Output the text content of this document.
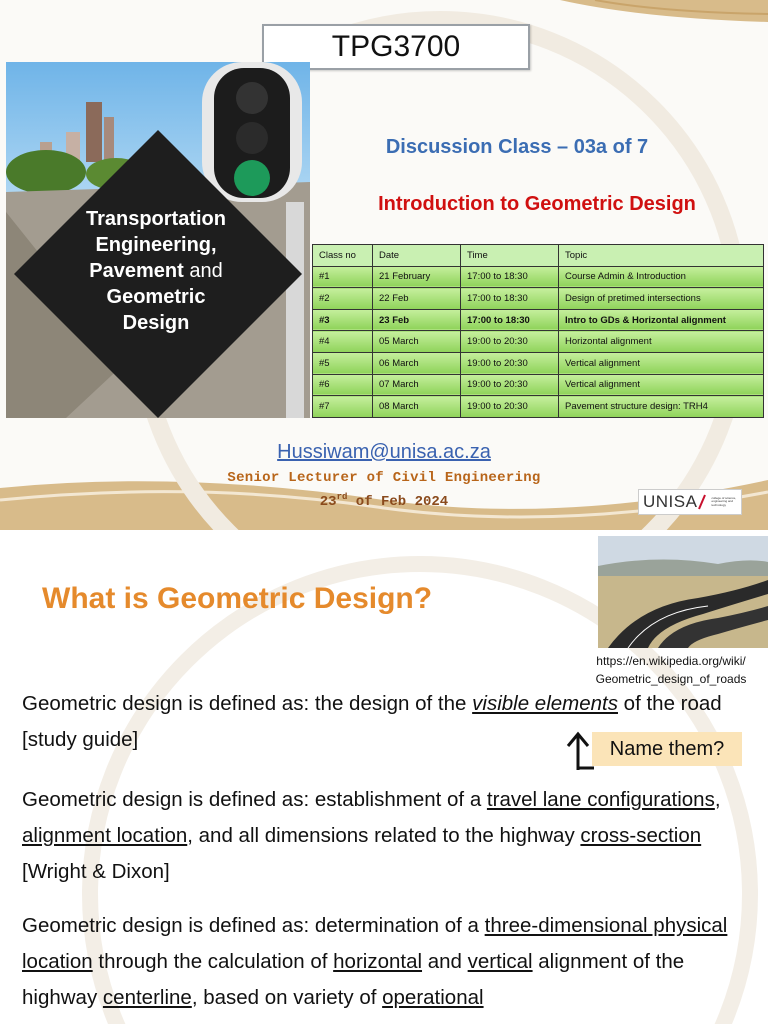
TPG3700
Transportation
Engineering,
Pavement and
Geometric
Design
Discussion Class – 03a of 7
Introduction to Geometric Design
Class no	Date	Time	Topic
#1	21 February	17:00 to 18:30	Course Admin & Introduction
#2	22 Feb	17:00 to 18:30	Design of pretimed intersections
#3	23 Feb	17:00 to 18:30	Intro to GDs & Horizontal alignment
#4	05 March	19:00 to 20:30	Horizontal alignment
#5	06 March	19:00 to 20:30	Vertical alignment
#6	07 March	19:00 to 20:30	Vertical alignment
#7	08 March	19:00 to 20:30	Pavement structure design: TRH4
Hussiwam@unisa.ac.za
Senior Lecturer of Civil Engineering
23rd of Feb 2024	UNISA	college of science, engineering and technology
What is Geometric Design?
https://en.wikipedia.org/wiki/
Geometric_design_of_roads
Geometric design is defined as: the design of the visible elements of the road [study guide]	Name them?
Geometric design is defined as: establishment of a travel lane configurations, alignment location, and all dimensions related to the highway cross-section [Wright & Dixon]
Geometric design is defined as: determination of a three-dimensional physical location through the calculation of horizontal and vertical alignment of the highway centerline, based on variety of operational
